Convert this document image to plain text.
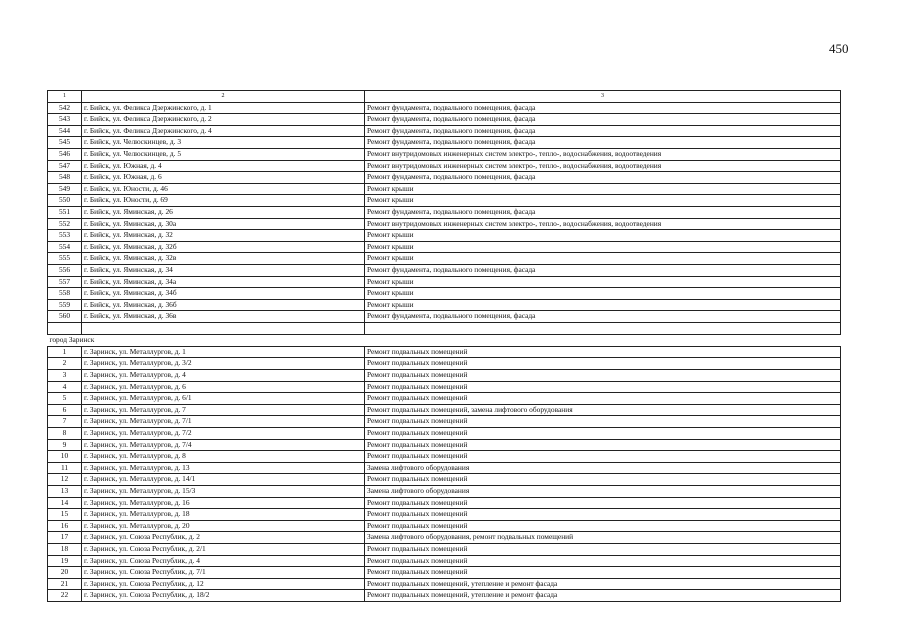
450
1	2	3
542	г. Бийск, ул. Феликса Дзержинского, д. 1	Ремонт фундамента, подвального помещения, фасада
543	г. Бийск, ул. Феликса Дзержинского, д. 2	Ремонт фундамента, подвального помещения, фасада
544	г. Бийск, ул. Феликса Дзержинского, д. 4	Ремонт фундамента, подвального помещения, фасада
545	г. Бийск, ул. Челюскинцев, д. 3	Ремонт фундамента, подвального помещения, фасада
546	г. Бийск, ул. Челюскинцев, д. 5	Ремонт внутридомовых инженерных систем электро-, тепло-, водоснабжения, водоотведения
547	г. Бийск, ул. Южная, д. 4	Ремонт внутридомовых инженерных систем электро-, тепло-, водоснабжения, водоотведения
548	г. Бийск, ул. Южная, д. 6	Ремонт фундамента, подвального помещения, фасада
549	г. Бийск, ул. Юности, д. 46	Ремонт крыши
550	г. Бийск, ул. Юности, д. 69	Ремонт крыши
551	г. Бийск, ул. Яминская, д. 26	Ремонт фундамента, подвального помещения, фасада
552	г. Бийск, ул. Яминская, д. 30а	Ремонт внутридомовых инженерных систем электро-, тепло-, водоснабжения, водоотведения
553	г. Бийск, ул. Яминская, д. 32	Ремонт крыши
554	г. Бийск, ул. Яминская, д. 32б	Ремонт крыши
555	г. Бийск, ул. Яминская, д. 32в	Ремонт крыши
556	г. Бийск, ул. Яминская, д. 34	Ремонт фундамента, подвального помещения, фасада
557	г. Бийск, ул. Яминская, д. 34а	Ремонт крыши
558	г. Бийск, ул. Яминская, д. 34б	Ремонт крыши
559	г. Бийск, ул. Яминская, д. 36б	Ремонт крыши
560	г. Бийск, ул. Яминская, д. 36в	Ремонт фундамента, подвального помещения, фасада

город Заринск		
1	г. Заринск, ул. Металлургов, д. 1	Ремонт подвальных помещений
2	г. Заринск, ул. Металлургов, д. 3/2	Ремонт подвальных помещений
3	г. Заринск, ул. Металлургов, д. 4	Ремонт подвальных помещений
4	г. Заринск, ул. Металлургов, д. 6	Ремонт подвальных помещений
5	г. Заринск, ул. Металлургов, д. 6/1	Ремонт подвальных помещений
6	г. Заринск, ул. Металлургов, д. 7	Ремонт подвальных помещений, замена лифтового оборудования
7	г. Заринск, ул. Металлургов, д. 7/1	Ремонт подвальных помещений
8	г. Заринск, ул. Металлургов, д. 7/2	Ремонт подвальных помещений
9	г. Заринск, ул. Металлургов, д. 7/4	Ремонт подвальных помещений
10	г. Заринск, ул. Металлургов, д. 8	Ремонт подвальных помещений
11	г. Заринск, ул. Металлургов, д. 13	Замена лифтового оборудования
12	г. Заринск, ул. Металлургов, д. 14/1	Ремонт подвальных помещений
13	г. Заринск, ул. Металлургов, д. 15/3	Замена лифтового оборудования
14	г. Заринск, ул. Металлургов, д. 16	Ремонт подвальных помещений
15	г. Заринск, ул. Металлургов, д. 18	Ремонт подвальных помещений
16	г. Заринск, ул. Металлургов, д. 20	Ремонт подвальных помещений
17	г. Заринск, ул. Союза Республик, д. 2	Замена лифтового оборудования, ремонт подвальных помещений
18	г. Заринск, ул. Союза Республик, д. 2/1	Ремонт подвальных помещений
19	г. Заринск, ул. Союза Республик, д. 4	Ремонт подвальных помещений
20	г. Заринск, ул. Союза Республик, д. 7/1	Ремонт подвальных помещений
21	г. Заринск, ул. Союза Республик, д. 12	Ремонт подвальных помещений, утепление и ремонт фасада
22	г. Заринск, ул. Союза Республик, д. 18/2	Ремонт подвальных помещений, утепление и ремонт фасада
